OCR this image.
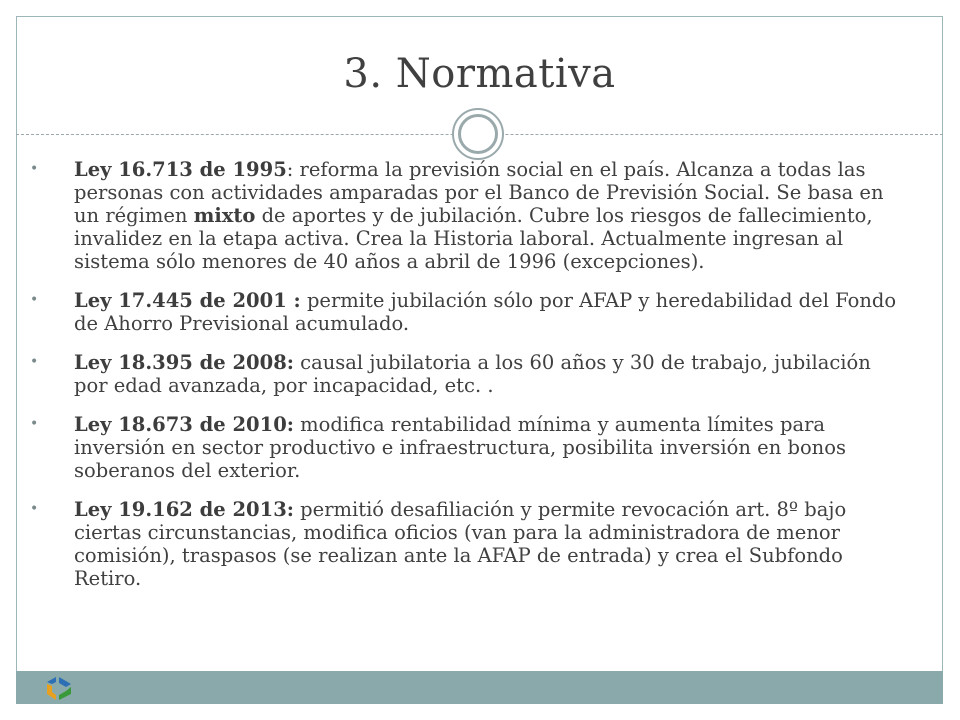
3. Normativa
• Ley 16.713 de 1995: reforma la previsión social en el país. Alcanza a todas las personas con actividades amparadas por el Banco de Previsión Social. Se basa en un régimen mixto de aportes y de jubilación. Cubre los riesgos de fallecimiento, invalidez en la etapa activa. Crea la Historia laboral. Actualmente ingresan al sistema sólo menores de 40 años a abril de 1996 (excepciones).
• Ley 17.445 de 2001 : permite jubilación sólo por AFAP y heredabilidad del Fondo de Ahorro Previsional acumulado.
• Ley 18.395 de 2008: causal jubilatoria a los 60 años y 30 de trabajo, jubilación por edad avanzada, por incapacidad, etc. .
• Ley 18.673 de 2010: modifica rentabilidad mínima y aumenta límites para inversión en sector productivo e infraestructura, posibilita inversión en bonos soberanos del exterior.
• Ley 19.162 de 2013: permitió desafiliación y permite revocación art. 8º bajo ciertas circunstancias, modifica oficios (van para la administradora de menor comisión), traspasos (se realizan ante la AFAP de entrada) y crea el Subfondo Retiro.
